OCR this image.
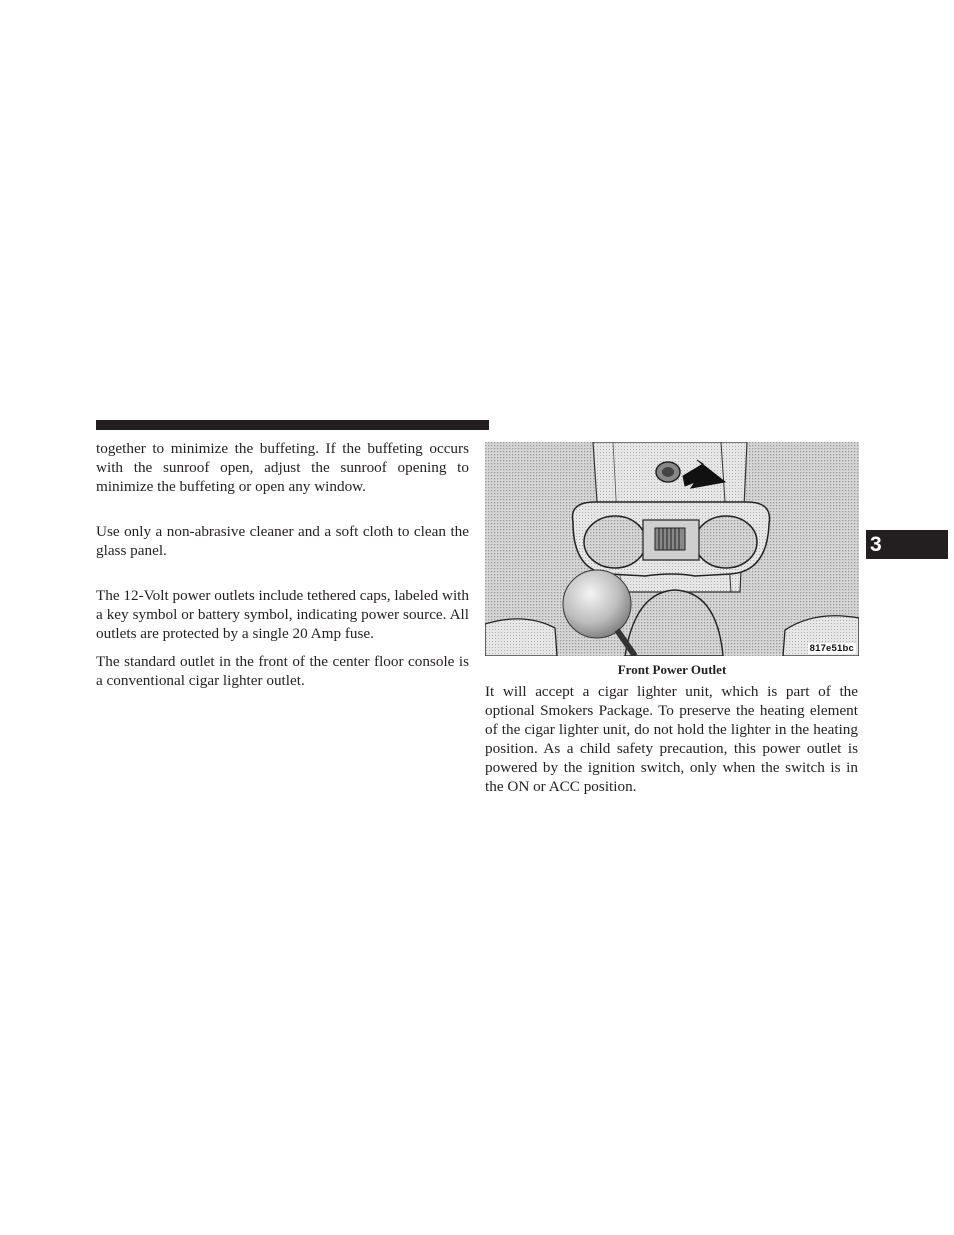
together to minimize the buffeting. If the buffeting occurs with the sunroof open, adjust the sunroof opening to minimize the buffeting or open any window.

Use only a non-abrasive cleaner and a soft cloth to clean the glass panel.

The 12-Volt power outlets include tethered caps, labeled with a key symbol or battery symbol, indicating power source. All outlets are protected by a single 20 Amp fuse.

The standard outlet in the front of the center floor console is a conventional cigar lighter outlet.

817e51bc
Front Power Outlet

It will accept a cigar lighter unit, which is part of the optional Smokers Package. To preserve the heating element of the cigar lighter unit, do not hold the lighter in the heating position. As a child safety precaution, this power outlet is powered by the ignition switch, only when the switch is in the ON or ACC position.

3
